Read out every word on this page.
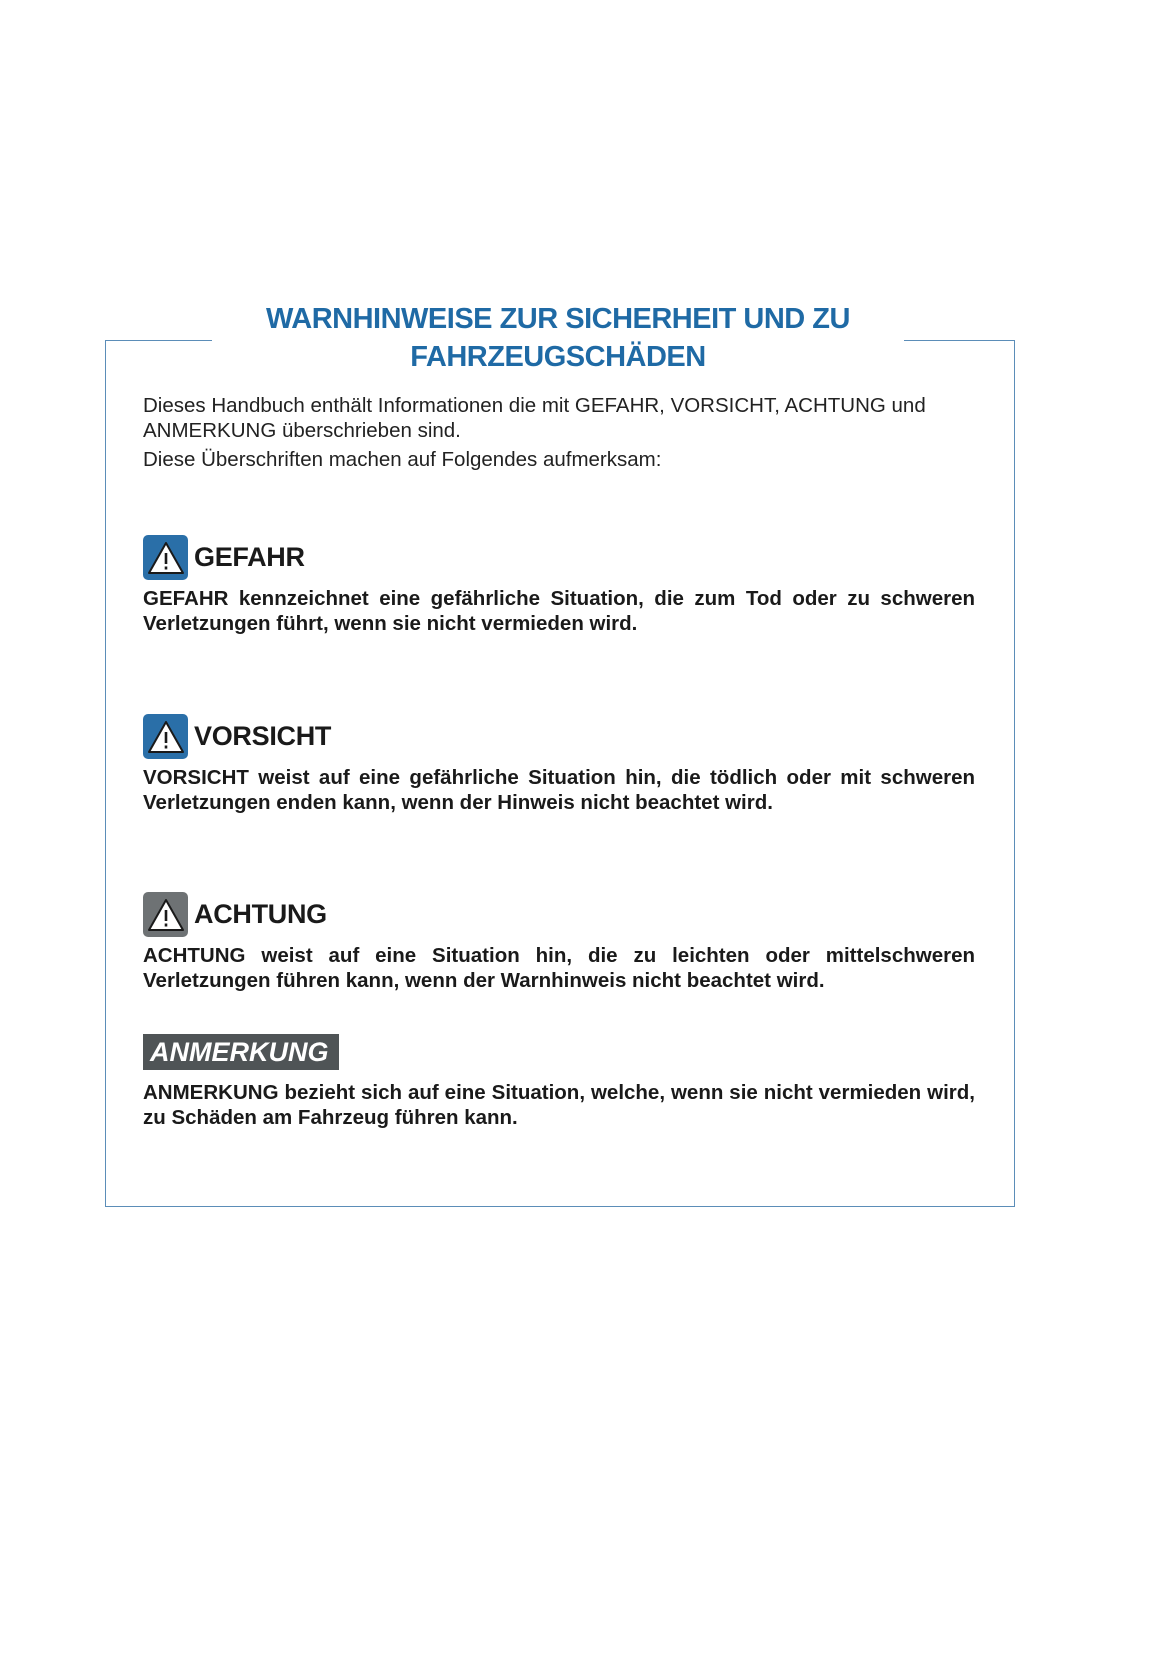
WARNHINWEISE ZUR SICHERHEIT UND ZU
FAHRZEUGSCHÄDEN

Dieses Handbuch enthält Informationen die mit GEFAHR, VORSICHT, ACHTUNG und ANMERKUNG überschrieben sind.

Diese Überschriften machen auf Folgendes aufmerksam:

GEFAHR
GEFAHR kennzeichnet eine gefährliche Situation, die zum Tod oder zu schweren Verletzungen führt, wenn sie nicht vermieden wird.
VORSICHT
VORSICHT weist auf eine gefährliche Situation hin, die tödlich oder mit schweren Verletzungen enden kann, wenn der Hinweis nicht beachtet wird.
ACHTUNG
ACHTUNG weist auf eine Situation hin, die zu leichten oder mittelschweren Verletzungen führen kann, wenn der Warnhinweis nicht beachtet wird.
ANMERKUNG
ANMERKUNG bezieht sich auf eine Situation, welche, wenn sie nicht vermieden wird, zu Schäden am Fahrzeug führen kann.
